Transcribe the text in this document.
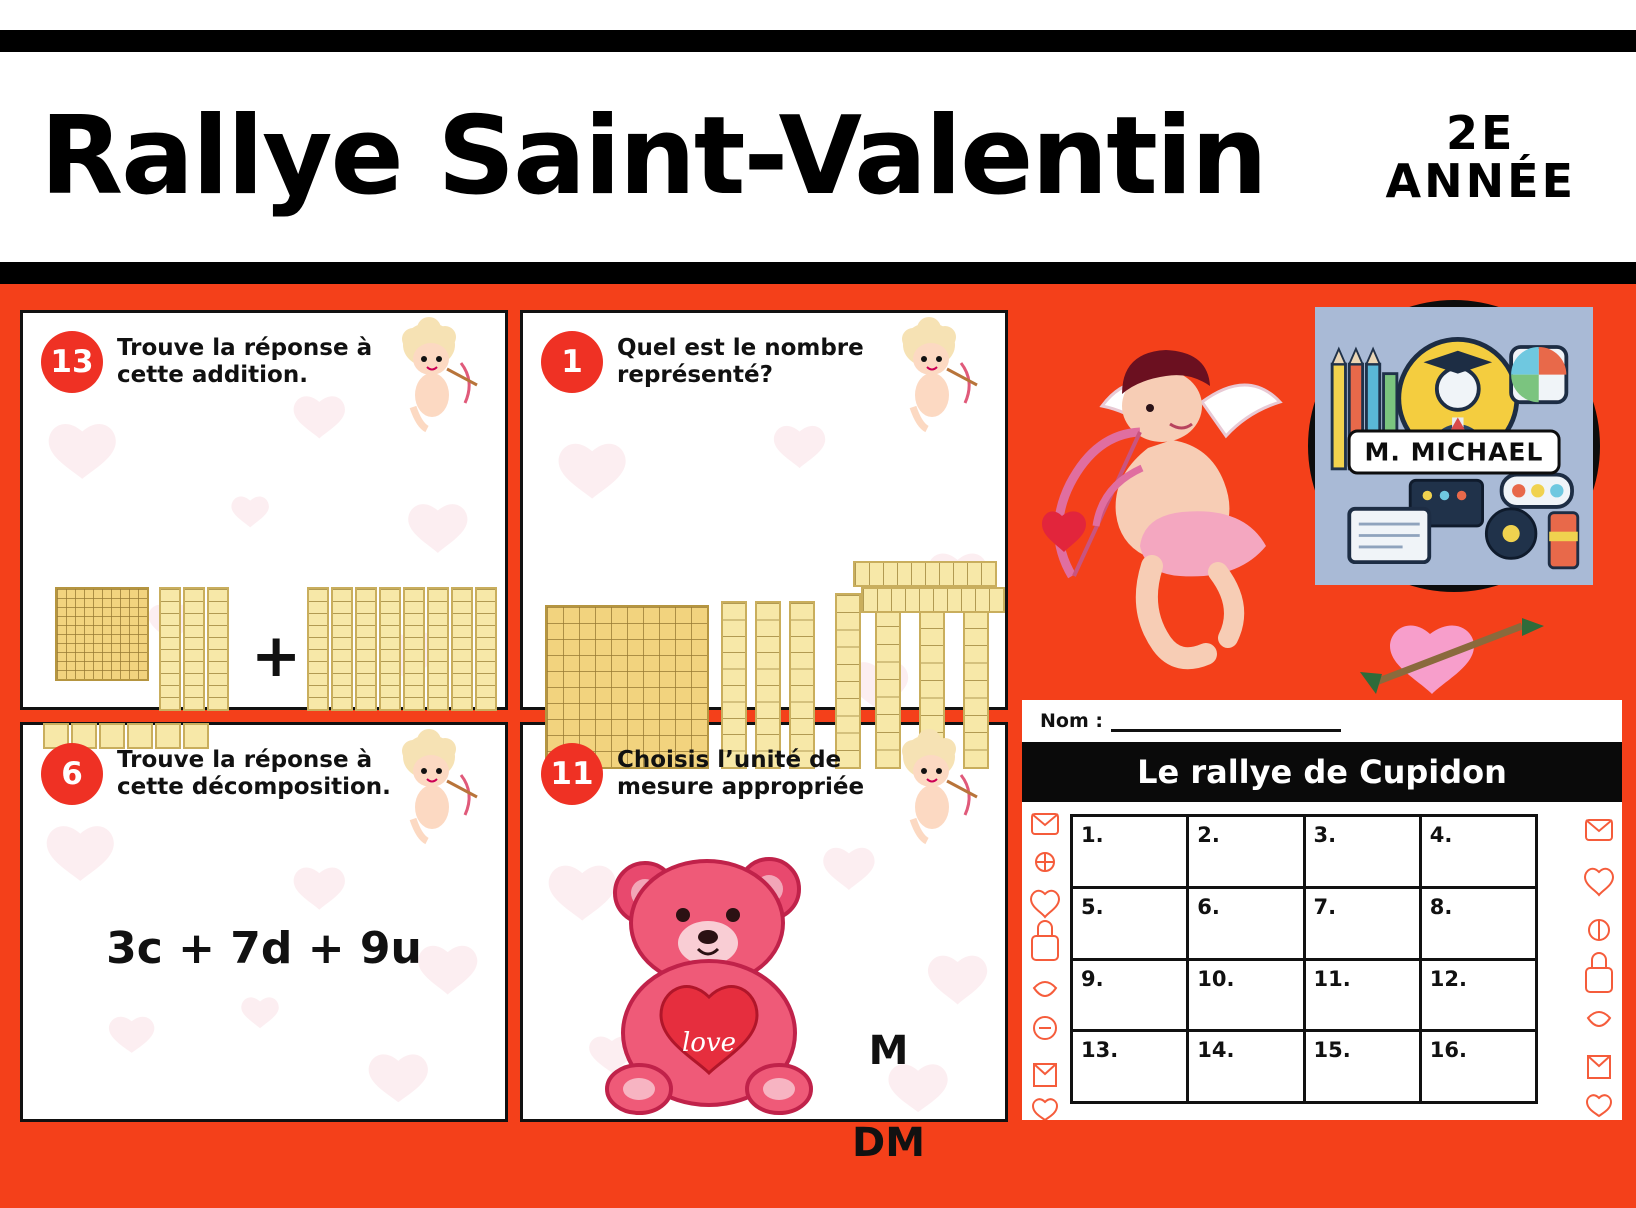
Rallye Saint-Valentin	2E
ANNÉE
13	Trouve la réponse à cette addition.
+
1	Quel est le nombre représenté?
6	Trouve la réponse à cette décomposition.
3c + 7d + 9u
11	Choisis l’unité de mesure appropriée
love	M
DM
M. MICHAEL
Nom :
Le rallye de Cupidon
1.	2.	3.	4.
5.	6.	7.	8.
9.	10.	11.	12.
13.	14.	15.	16.
